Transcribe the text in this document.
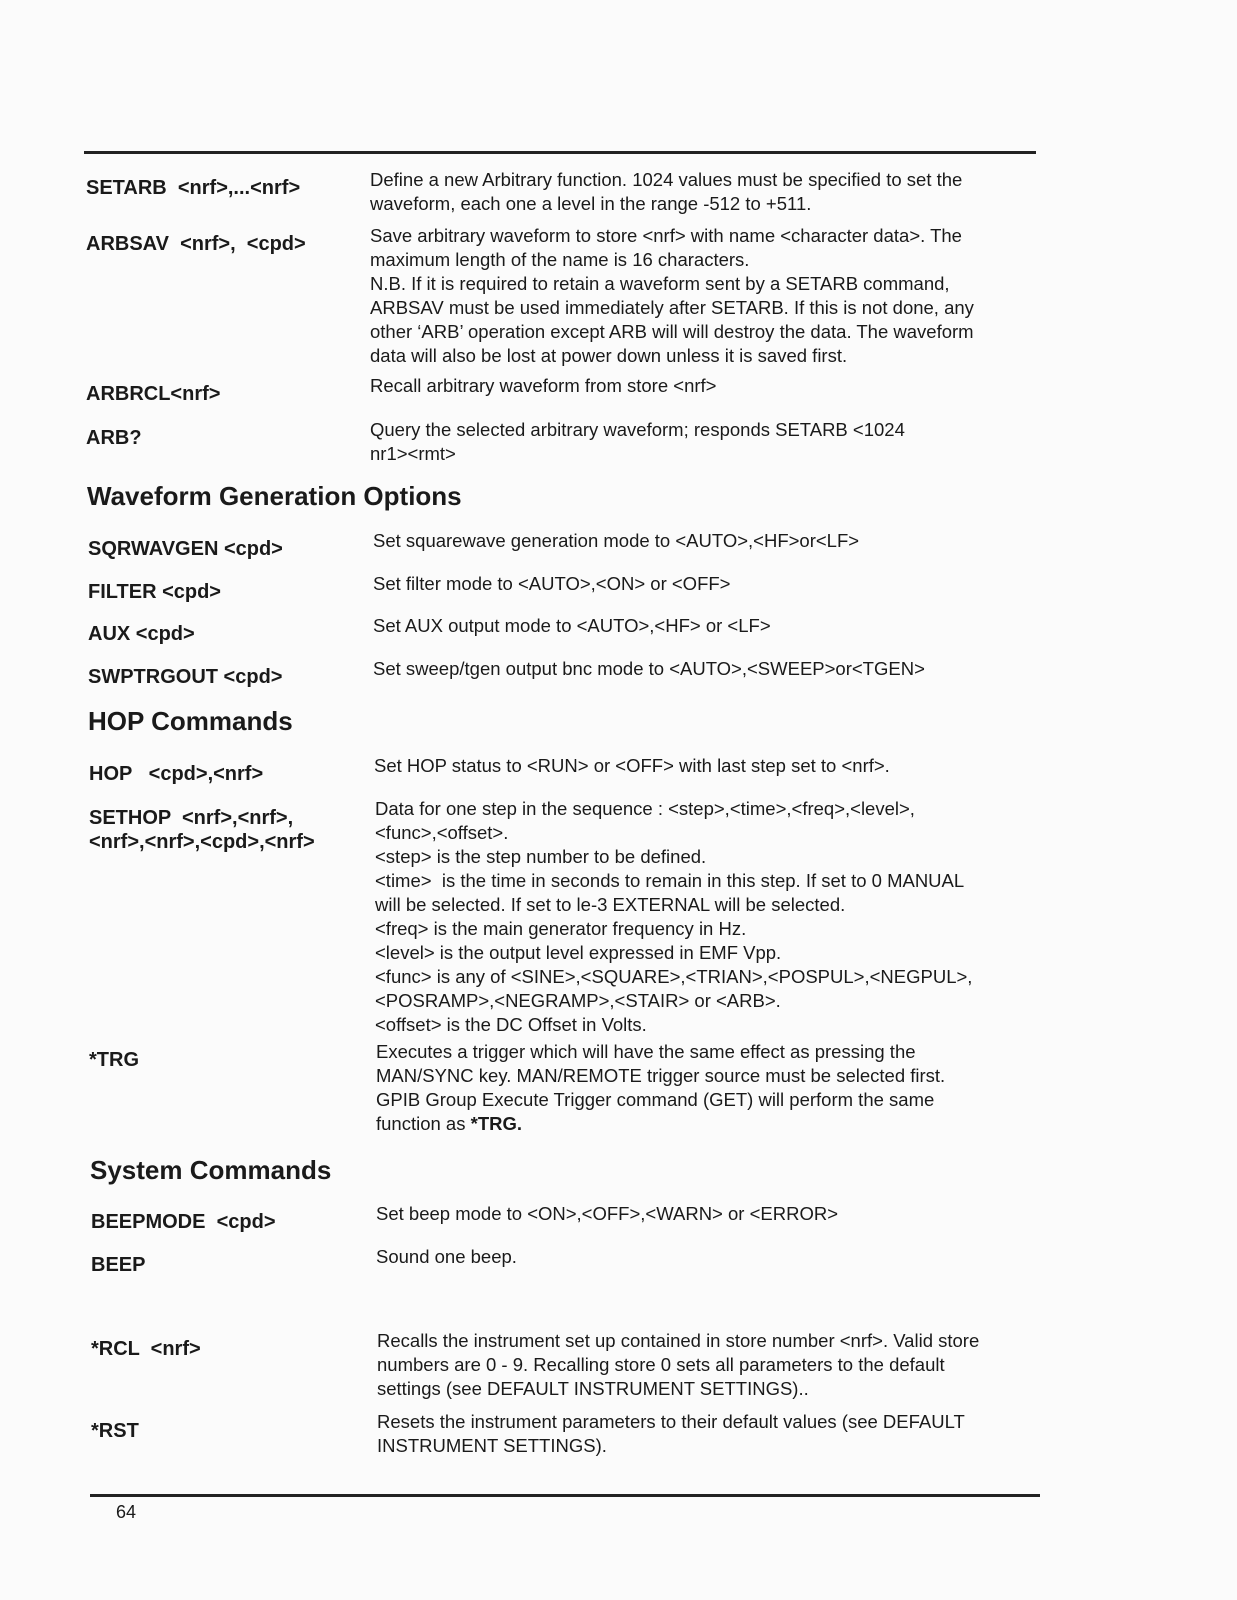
SETARB  <nrf>,...<nrf>	Define a new Arbitrary function. 1024 values must be specified to set the
waveform, each one a level in the range -512 to +511.
ARBSAV  <nrf>,  <cpd>	Save arbitrary waveform to store <nrf> with name <character data>. The
maximum length of the name is 16 characters.
N.B. If it is required to retain a waveform sent by a SETARB command,
ARBSAV must be used immediately after SETARB. If this is not done, any
other ‘ARB’ operation except ARB will will destroy the data. The waveform
data will also be lost at power down unless it is saved first.
ARBRCL<nrf>	Recall arbitrary waveform from store <nrf>
ARB?	Query the selected arbitrary waveform; responds SETARB <1024
nr1><rmt>
Waveform Generation Options
SQRWAVGEN <cpd>	Set squarewave generation mode to <AUTO>,<HF>or<LF>
FILTER <cpd>	Set filter mode to <AUTO>,<ON> or <OFF>
AUX <cpd>	Set AUX output mode to <AUTO>,<HF> or <LF>
SWPTRGOUT <cpd>	Set sweep/tgen output bnc mode to <AUTO>,<SWEEP>or<TGEN>
HOP Commands
HOP   <cpd>,<nrf>	Set HOP status to <RUN> or <OFF> with last step set to <nrf>.
SETHOP  <nrf>,<nrf>,
<nrf>,<nrf>,<cpd>,<nrf>
Data for one step in the sequence : <step>,<time>,<freq>,<level>,
<func>,<offset>.
<step> is the step number to be defined.
<time>  is the time in seconds to remain in this step. If set to 0 MANUAL
will be selected. If set to le-3 EXTERNAL will be selected.
<freq> is the main generator frequency in Hz.
<level> is the output level expressed in EMF Vpp.
<func> is any of <SINE>,<SQUARE>,<TRIAN>,<POSPUL>,<NEGPUL>,
<POSRAMP>,<NEGRAMP>,<STAIR> or <ARB>.
<offset> is the DC Offset in Volts.
*TRG	Executes a trigger which will have the same effect as pressing the
MAN/SYNC key. MAN/REMOTE trigger source must be selected first.
GPIB Group Execute Trigger command (GET) will perform the same
function as *TRG.
System Commands
BEEPMODE  <cpd>	Set beep mode to <ON>,<OFF>,<WARN> or <ERROR>
BEEP	Sound one beep.
*RCL  <nrf>	Recalls the instrument set up contained in store number <nrf>. Valid store
numbers are 0 - 9. Recalling store 0 sets all parameters to the default
settings (see DEFAULT INSTRUMENT SETTINGS)..
*RST	Resets the instrument parameters to their default values (see DEFAULT
INSTRUMENT SETTINGS).
64
